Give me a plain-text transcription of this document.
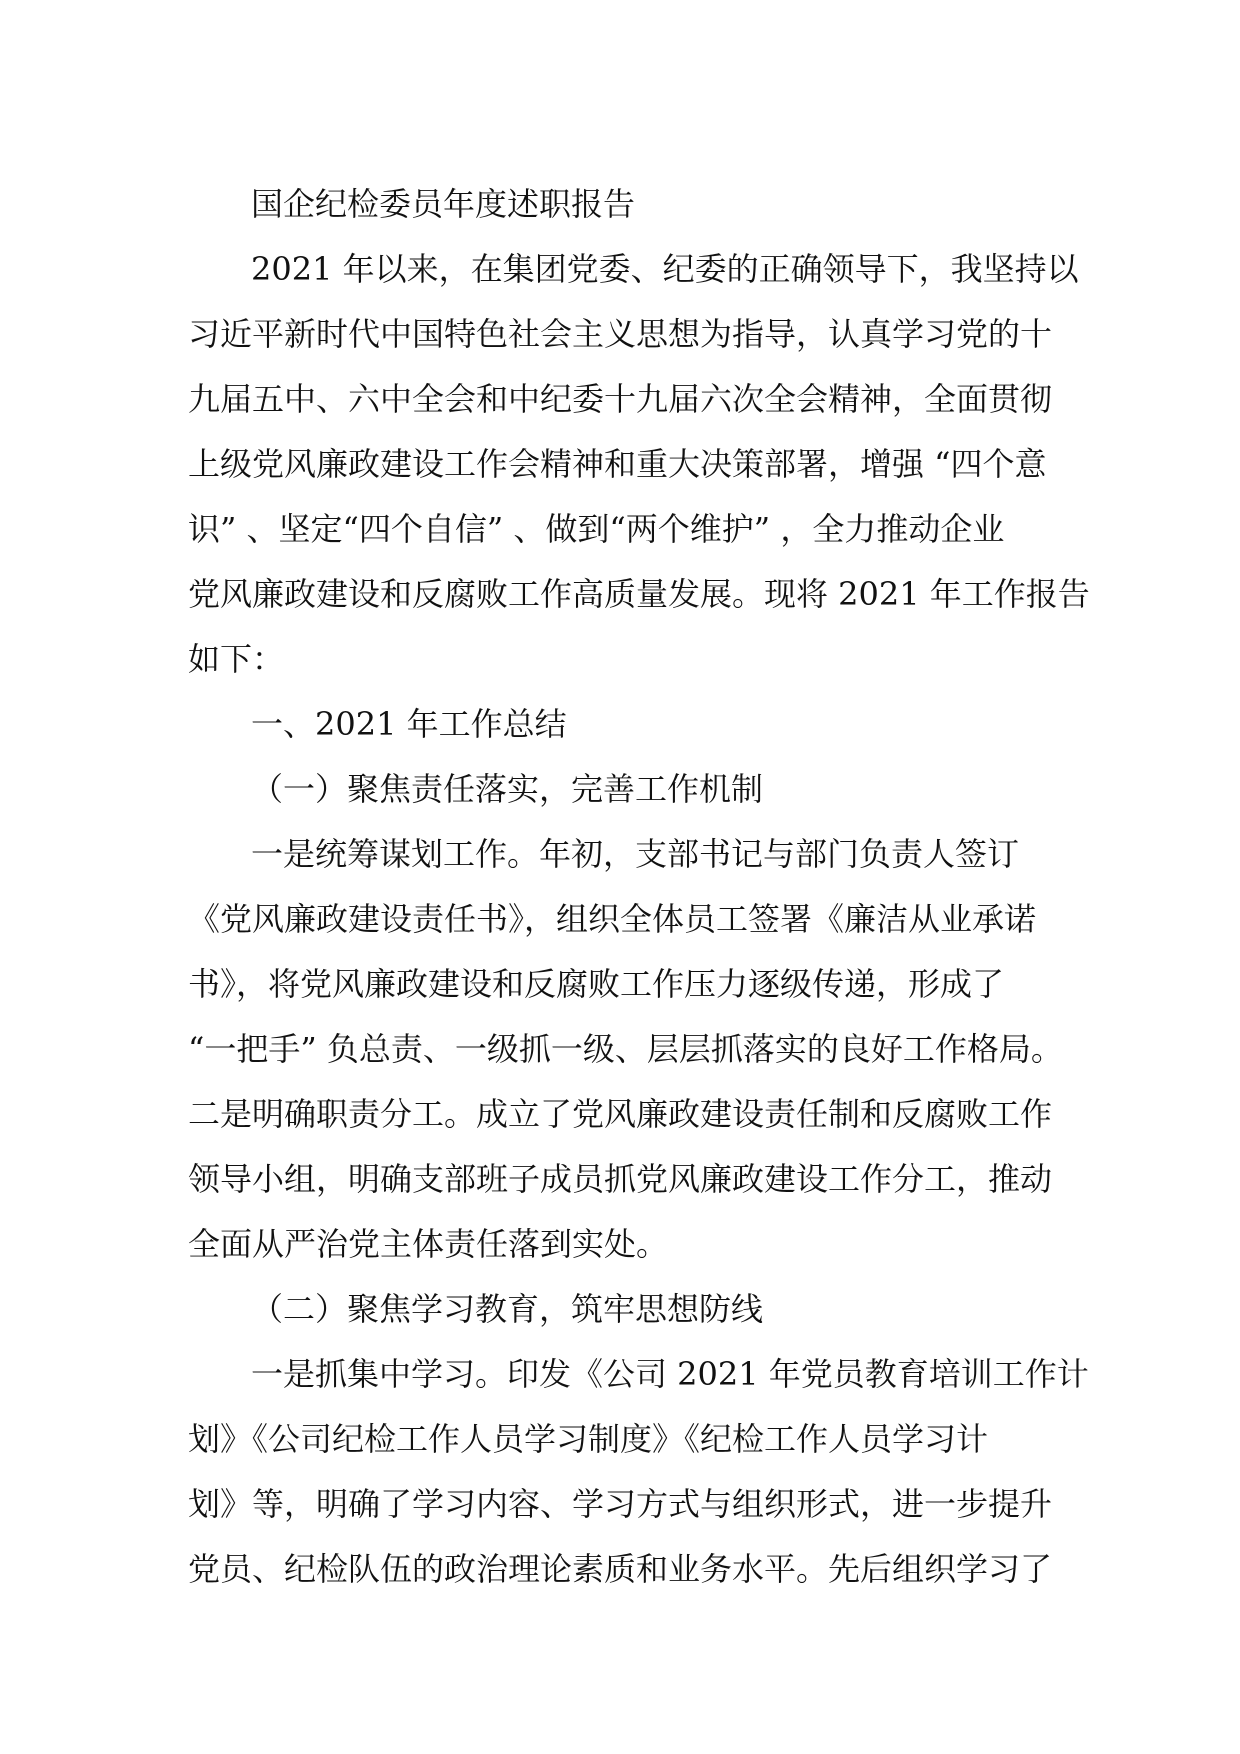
国企纪检委员年度述职报告
2021 年以来，在集团党委、纪委的正确领导下，我坚持以
习近平新时代中国特色社会主义思想为指导，认真学习党的十
九届五中、六中全会和中纪委十九届六次全会精神，全面贯彻
上级党风廉政建设工作会精神和重大决策部署，增强 “四个意
识” 、坚定“四个自信” 、做到“两个维护” ，全力推动企业
党风廉政建设和反腐败工作高质量发展。现将 2021 年工作报告
如下：
一、2021 年工作总结
（一）聚焦责任落实，完善工作机制
一是统筹谋划工作。年初，支部书记与部门负责人签订
《党风廉政建设责任书》，组织全体员工签署《廉洁从业承诺
书》，将党风廉政建设和反腐败工作压力逐级传递，形成了
“一把手” 负总责、一级抓一级、层层抓落实的良好工作格局。
二是明确职责分工。成立了党风廉政建设责任制和反腐败工作
领导小组，明确支部班子成员抓党风廉政建设工作分工，推动
全面从严治党主体责任落到实处。
（二）聚焦学习教育，筑牢思想防线
一是抓集中学习。印发《公司 2021 年党员教育培训工作计
划》《公司纪检工作人员学习制度》《纪检工作人员学习计
划》等，明确了学习内容、学习方式与组织形式，进一步提升
党员、纪检队伍的政治理论素质和业务水平。先后组织学习了
